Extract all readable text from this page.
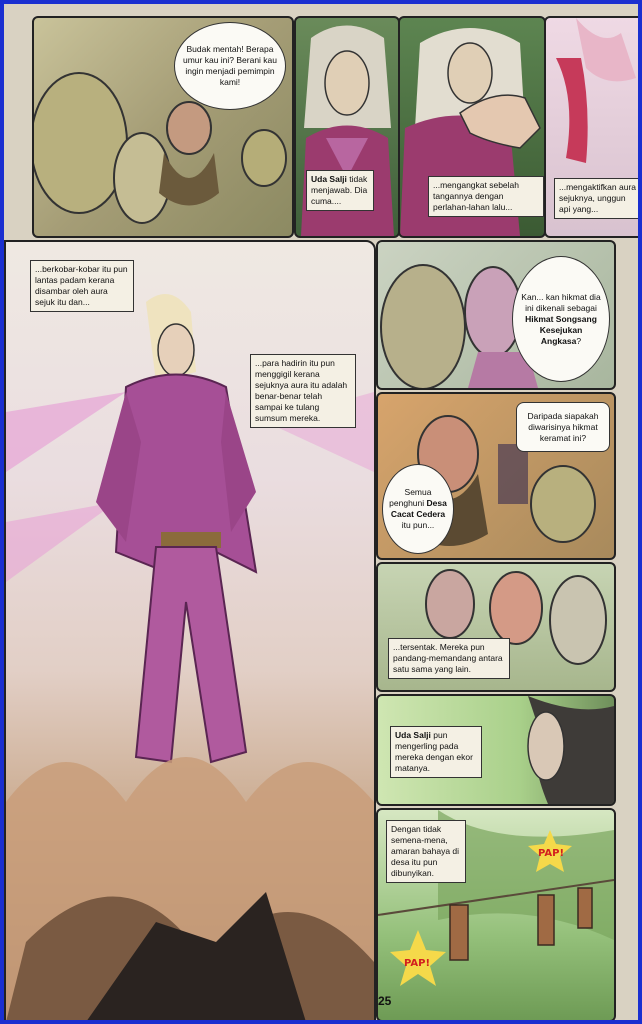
Budak mentah! Berapa umur kau ini? Berani kau ingin menjadi pemimpin kami!
Uda Salji tidak menjawab. Dia cuma....
...mengangkat sebelah tangannya dengan perlahan-lahan lalu...
...mengaktifkan aura sejuknya, unggun api yang...
...berkobar-kobar itu pun lantas padam kerana disambar oleh aura sejuk itu dan...
...para hadirin itu pun menggigil kerana sejuknya aura itu adalah benar-benar telah sampai ke tulang sumsum mereka.
Kan... kan hikmat dia ini dikenali sebagai Hikmat Songsang Kesejukan Angkasa?
Daripada siapakah diwarisinya hikmat keramat ini?
Semua penghuni Desa Cacat Cedera itu pun...
...tersentak. Mereka pun pandang-memandang antara satu sama yang lain.
Uda Salji pun mengerling pada mereka dengan ekor matanya.
Dengan tidak semena-mena, amaran bahaya di desa itu pun dibunyikan.
PAP!
PAP!
25
